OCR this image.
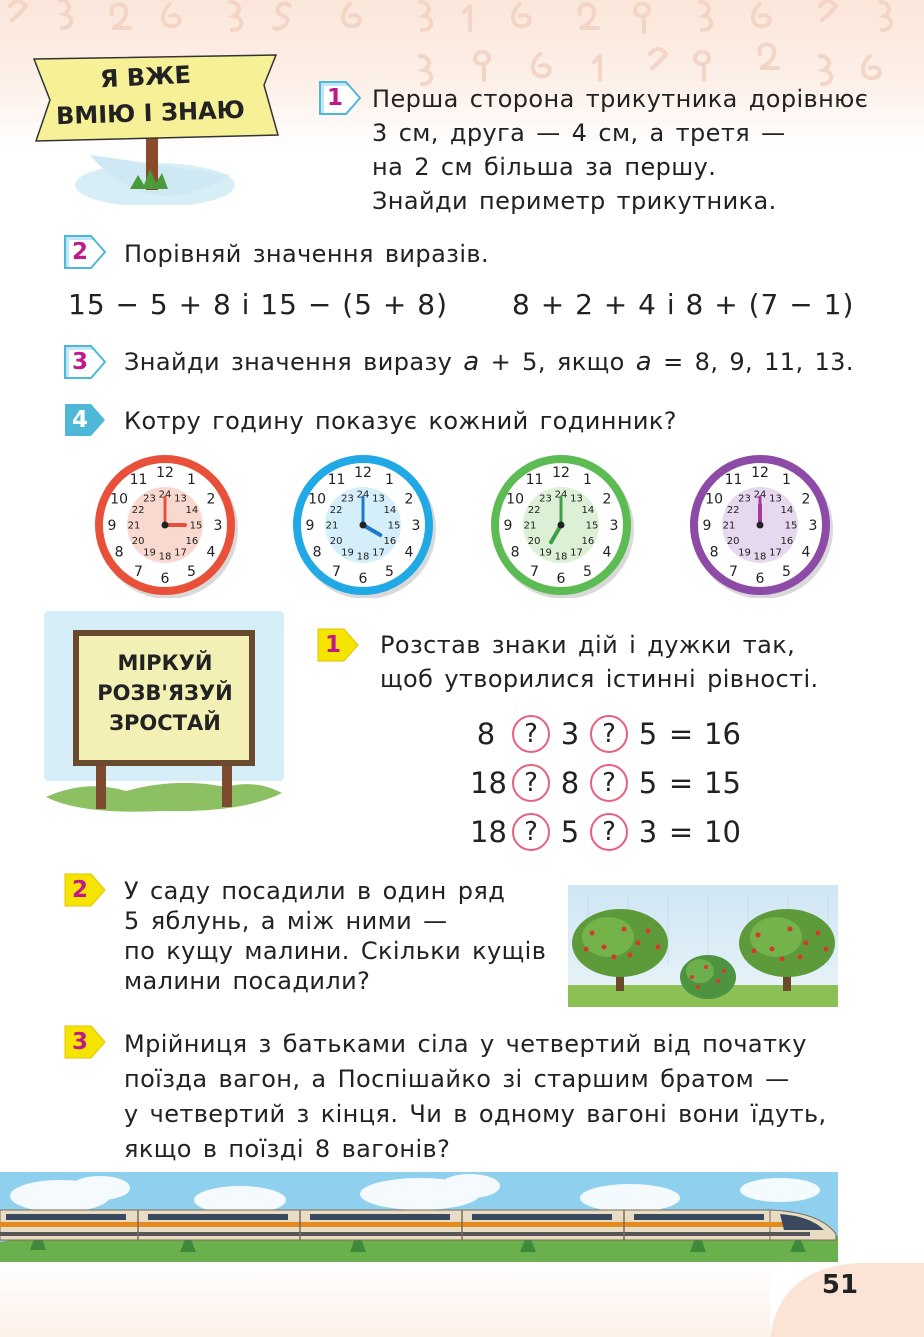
Я ВЖЕ
ВМІЮ І ЗНАЮ	1 Перша сторона трикутника дорівнює
3 см, друга — 4 см, а третя —
на 2 см більша за першу.
Знайди периметр трикутника.
2 Порівняй значення виразів.
15 − 5 + 8 і 15 − (5 + 8) 8 + 2 + 4 і 8 + (7 − 1)
3 Знайди значення виразу a + 5, якщо a = 8, 9, 11, 13.
4 Котру годину показує кожний годинник?
12 1
2
3
4
5
6
7
8
9
10
11
24 13
14
15
16
17
18
19
20
21
22
23
12 1
2
3
4
5
6
7
8
9
10
11
24 13
14
15
16
17
18
19
20
21
22
23
12 1
2
3
4
5
6
7
8
9
10
11
24 13
14
15
16
17
18
19
20
21
22
23
12 1
2
3
4
5
6
7
8
9
10
11
24 13
14
15
16
17
18
19
20
21
22
23
МІРКУЙ
РОЗВ'ЯЗУЙ
ЗРОСТАЙ
1 Розстав знаки дій і дужки так,
щоб утворилися істинні рівності.
8	? 3 ? 5 = 16
18 ? 8 ? 5 = 15
18 ? 5 ? 3 = 10
2 У саду посадили в один ряд
5 яблунь, а між ними —
по кущу малини. Скільки кущів
малини посадили?
3 Мрійниця з батьками сіла у четвертий від початку
поїзда вагон, а Поспішайко зі старшим братом —
у четвертий з кінця. Чи в одному вагоні вони їдуть,
якщо в поїзді 8 вагонів?
51
